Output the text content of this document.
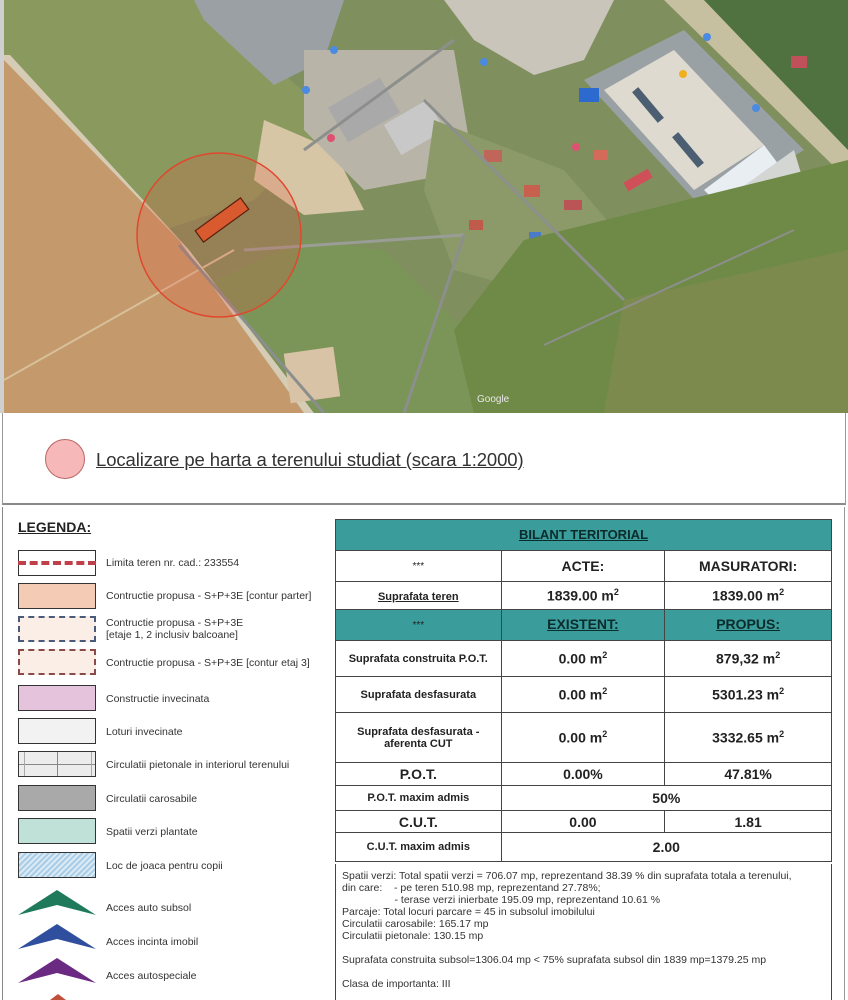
Google
Localizare pe harta a terenului studiat (scara 1:2000)
LEGENDA:
Limita teren nr. cad.: 233554
Contructie propusa - S+P+3E [contur parter]
Contructie propusa - S+P+3E
[etaje 1, 2 inclusiv balcoane]
Contructie propusa - S+P+3E [contur etaj 3]
Constructie invecinata
Loturi invecinate
Circulatii pietonale in interiorul terenului
Circulatii carosabile
Spatii verzi plantate
Loc de joaca pentru copii
Acces auto subsol
Acces incinta imobil
Acces autospeciale
BILANT TERITORIAL		
***	ACTE:	MASURATORI:
Suprafata teren	1839.00 $m^2$	1839.00 $m^2$
***	EXISTENT:	PROPUS:
Suprafata construita P.O.T.	0.00 $m^2$	879,32 $m^2$
Suprafata desfasurata	0.00 $m^2$	5301.23 $m^2$

Suprafata desfasurata -
aferenta CUT	0.00 $m^2$	3332.65 $m^2$
P.O.T.	0.00%	47.81%
P.O.T. maxim admis	50%	
C.U.T.	0.00	1.81
C.U.T. maxim admis	2.00	
Spatii verzi: Total spatii verzi = 706.07 mp, reprezentand 38.39 % din suprafata totala a terenului,
din care:    - pe teren 510.98 mp, reprezentand 27.78%;
- terase verzi inierbate 195.09 mp, reprezentand 10.61 %
Parcaje: Total locuri parcare = 45 in subsolul imobilului
Circulatii carosabile: 165.17 mp
Circulatii pietonale: 130.15 mp
Suprafata construita subsol=1306.04 mp < 75% suprafata subsol din 1839 mp=1379.25 mp
Clasa de importanta: III
